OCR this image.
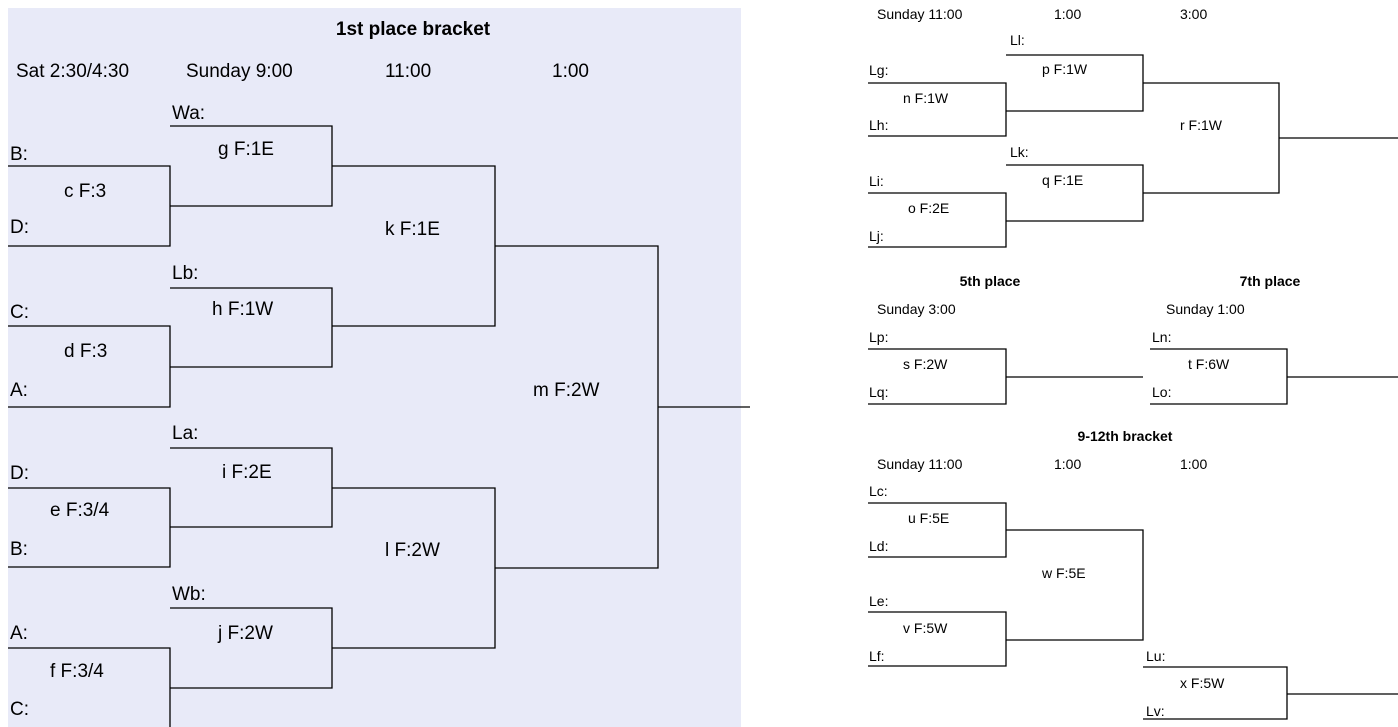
1st place bracket
Sat 2:30/4:30	Sunday 9:00	11:00	1:00
B:
c F:3
D:
C:
d F:3
A:
D:
e F:3/4
B:
A:
f F:3/4
C:
Wa:
g F:1E
Lb:
h F:1W
La:
i F:2E
Wb:
j F:2W
k F:1E
l F:2W
m F:2W
Sunday 11:00	1:00	3:00
Ll:
p F:1W
Lg:
n F:1W
Lh:	r F:1W
Lk:
q F:1E
Li:
o F:2E
Lj:
5th place
Sunday 3:00
Lp:
s F:2W
Lq:
7th place
Sunday 1:00
Ln:
t F:6W
Lo:
9-12th bracket
Sunday 11:00	1:00	1:00
Lc:
u F:5E
Ld:
w F:5E
Le:
v F:5W
Lf:	Lu:
x F:5W
Lv:
